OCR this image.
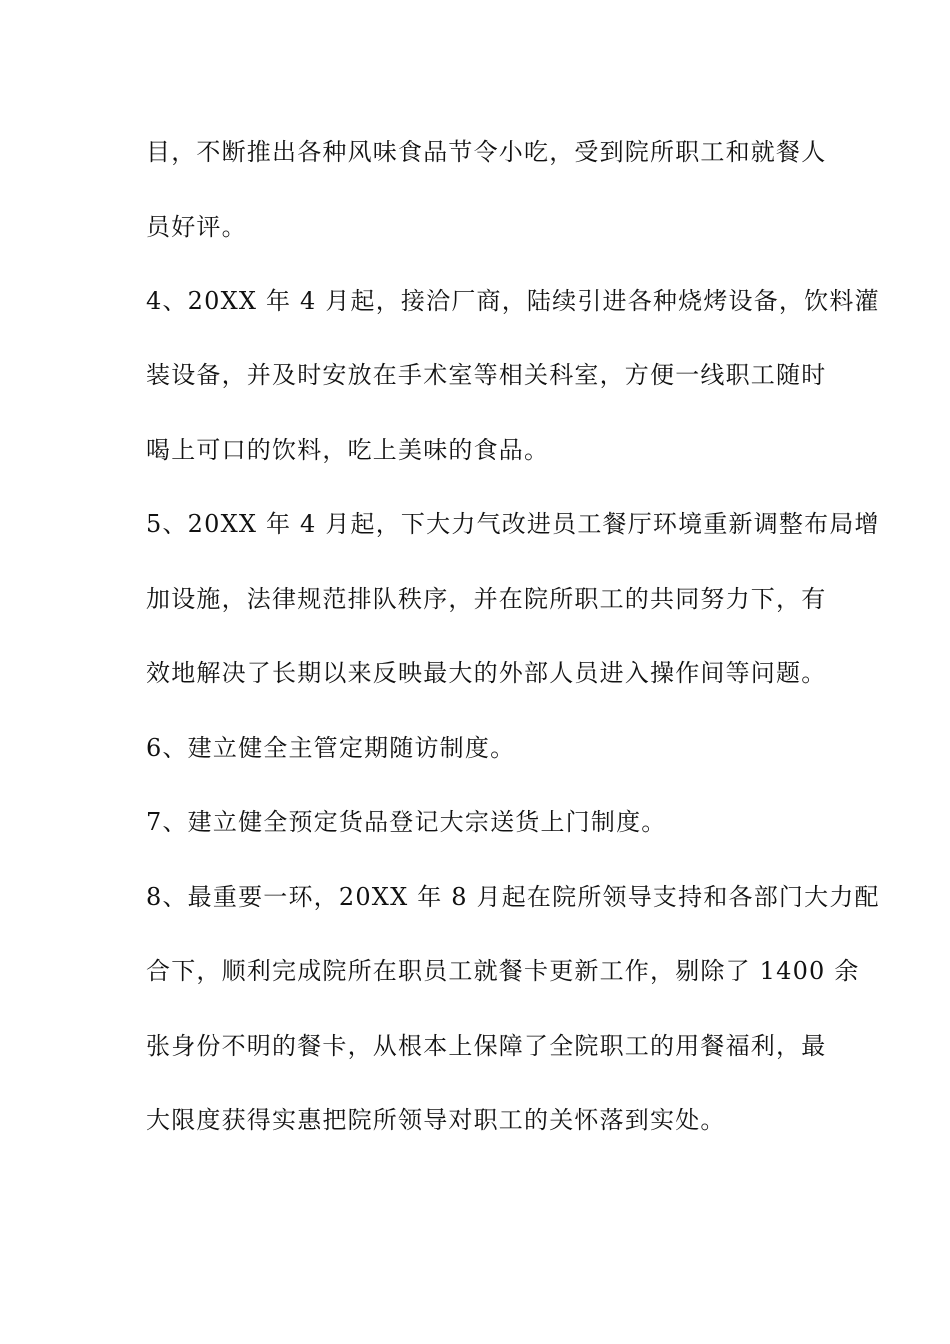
目，不断推出各种风味食品节令小吃，受到院所职工和就餐人

员好评。

4、20XX 年 4 月起，接洽厂商，陆续引进各种烧烤设备，饮料灌

装设备，并及时安放在手术室等相关科室，方便一线职工随时

喝上可口的饮料，吃上美味的食品。

5、20XX 年 4 月起，下大力气改进员工餐厅环境重新调整布局增

加设施，法律规范排队秩序，并在院所职工的共同努力下，有

效地解决了长期以来反映最大的外部人员进入操作间等问题。

6、建立健全主管定期随访制度。

7、建立健全预定货品登记大宗送货上门制度。

8、最重要一环，20XX 年 8 月起在院所领导支持和各部门大力配

合下，顺利完成院所在职员工就餐卡更新工作，剔除了 1400 余

张身份不明的餐卡，从根本上保障了全院职工的用餐福利，最

大限度获得实惠把院所领导对职工的关怀落到实处。
